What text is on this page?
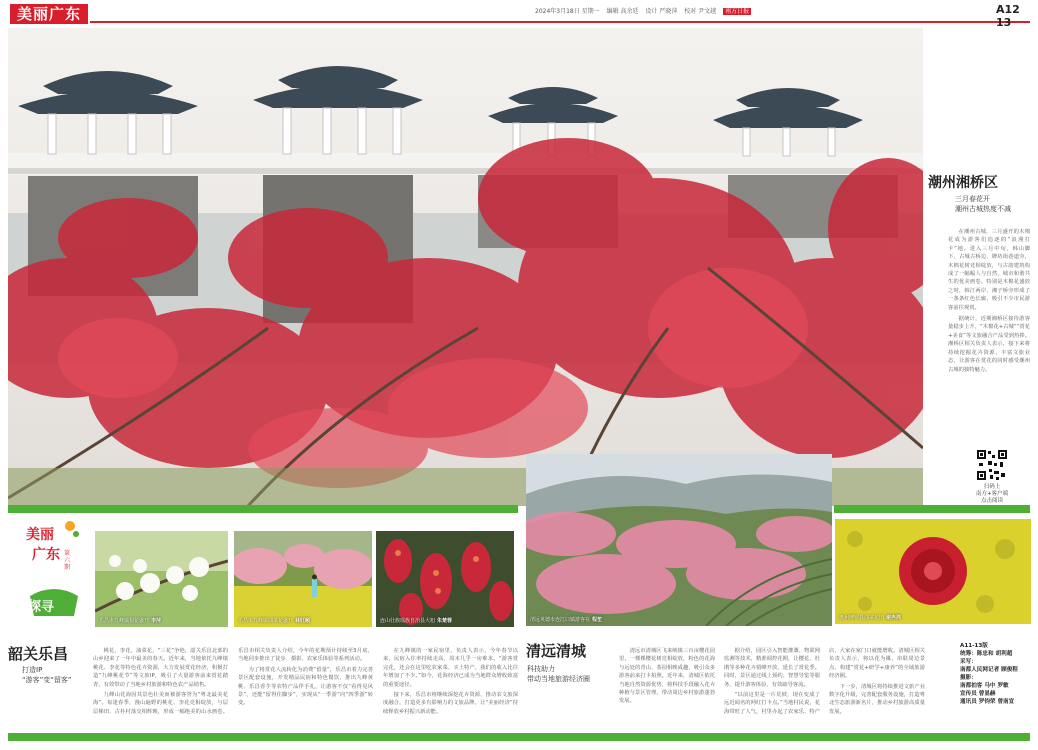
美丽广东	2024年3月18日 星期一 编辑 高余廷 设计 严晓萍 校对 尹文越 南方日报	A12 13
潮州湘桥区
三月春花开
潮州古城热度不减

在潮州古城，三月盛开的木棉花成为游客们追逐的“浪漫打卡”地。进入三月中旬，韩山脚下、古城古桥边、牌坊街巷道旁，木棉花树竞相绽放，与古韵建筑构成了一幅幅人与自然、城市和谐共生的优美画卷。特别是木棉花盛放之时，韩江两岸、湘子桥旁形成了一条条红色长廊，吸引不少市民游客前往观赏。

据统计，近期湘桥区接待游客量稳步上升，“木棉花+古城”“赏花+美食”等文旅融合产品受到热捧。湘桥区相关负责人表示，接下来将持续挖掘花卉资源，丰富文旅业态，让游客在赏花的同时感受潮州古城的独特魅力。

扫码上
南方+客户端
点击阅读
美丽
广东 第六期
探寻
乐昌市九峰镇梨花盛开 李萍	乐昌市九峰镇油菜花盛开 林旺颐	连山壮族瑶族自治县大旭 朱楚蓉	清远英德市连江口镇游客在 程笙	惠州博罗县油菜花田 谢冉鸿
韶关乐昌
打造IP
“游客”变“留客”

桃花、李花、油菜花，“三花”争艳，韶关乐昌北部的山乡迎来了一年中最美的春天。近年来，当地依托九峰镇桃花、李花等特色花卉资源，大力发展赏花经济，积极打造“九峰桃花节”等文旅IP，吸引了大量游客前来赏花踏青，有效带动了当地乡村旅游和特色农产品销售。

九峰山花海因其景色壮美而被游客誉为“粤北最美花海”。每逢春季，漫山遍野的桃花、李花竞相绽放，与层层梯田、古朴村落交相辉映，形成一幅绝美的山水画卷。乐昌市相关负责人介绍，今年的花期预计持续至3月底，当地同步推出了徒步、摄影、农家乐体验等系列活动。

为了将赏花人流转化为消费“留量”，乐昌市着力完善景区配套设施，开发精品民宿和特色餐饮，推出九峰黄桃、乐昌香芋等农特产品伴手礼，让游客不仅“看得见风景”，还能“留得住脚步”，实现从“一季游”向“四季游”转变。

在九峰镇的一家民宿里，负责人表示，今年春节以来，民宿入住率持续走高，周末几乎一房难求。“游客赏完花，还会在这里吃农家菜、买土特产，我们的收入比往年增加了不少。”如今，花海经济已成为当地群众增收致富的重要途径。

接下来，乐昌市将继续深挖花卉资源，推动农文旅深度融合，打造更多有影响力的文旅品牌，让“美丽经济”持续释放乡村振兴新动能。

清远清城
科技助力
带动当地旅游经济圈

清远市清城区飞来峡镇三百亩樱花园里，一棵棵樱花树竞相绽放，粉色的花海与远处的青山、茶园相映成趣，吸引众多游客前来打卡拍照。近年来，清城区依托当地自然资源优势，将科技手段融入花卉种植与景区管理，带动周边乡村旅游蓬勃发展。

据介绍，园区引入智能灌溉、物联网监测等技术，精准调控花期，让樱花、杜鹃等多种花卉错峰开放，延长了赏花季。同时，景区通过线上预约、智慧导览等服务，提升游客体验，有效疏导客流。

“以前这里是一片荒坡，现在变成了远近闻名的网红打卡点。”当地村民说，花海带旺了人气，村里办起了农家乐、特产店，大家在家门口就能增收。清城区相关负责人表示，将以花为媒，串联周边景点，构建“赏花+研学+康养”的全域旅游经济圈。

下一步，清城区将持续推进文旅产业数字化升级，完善配套服务设施，打造粤北生态旅游新名片，推动乡村旅游高质量发展。

A11-13版
统筹：陈忠和 胡利超
采写：
南都人民网记者 顾俊程
摄影：
南都拍客 马中 罗敏
宣传员 曾显赫
通讯员 罗钧荣 曾南宣
